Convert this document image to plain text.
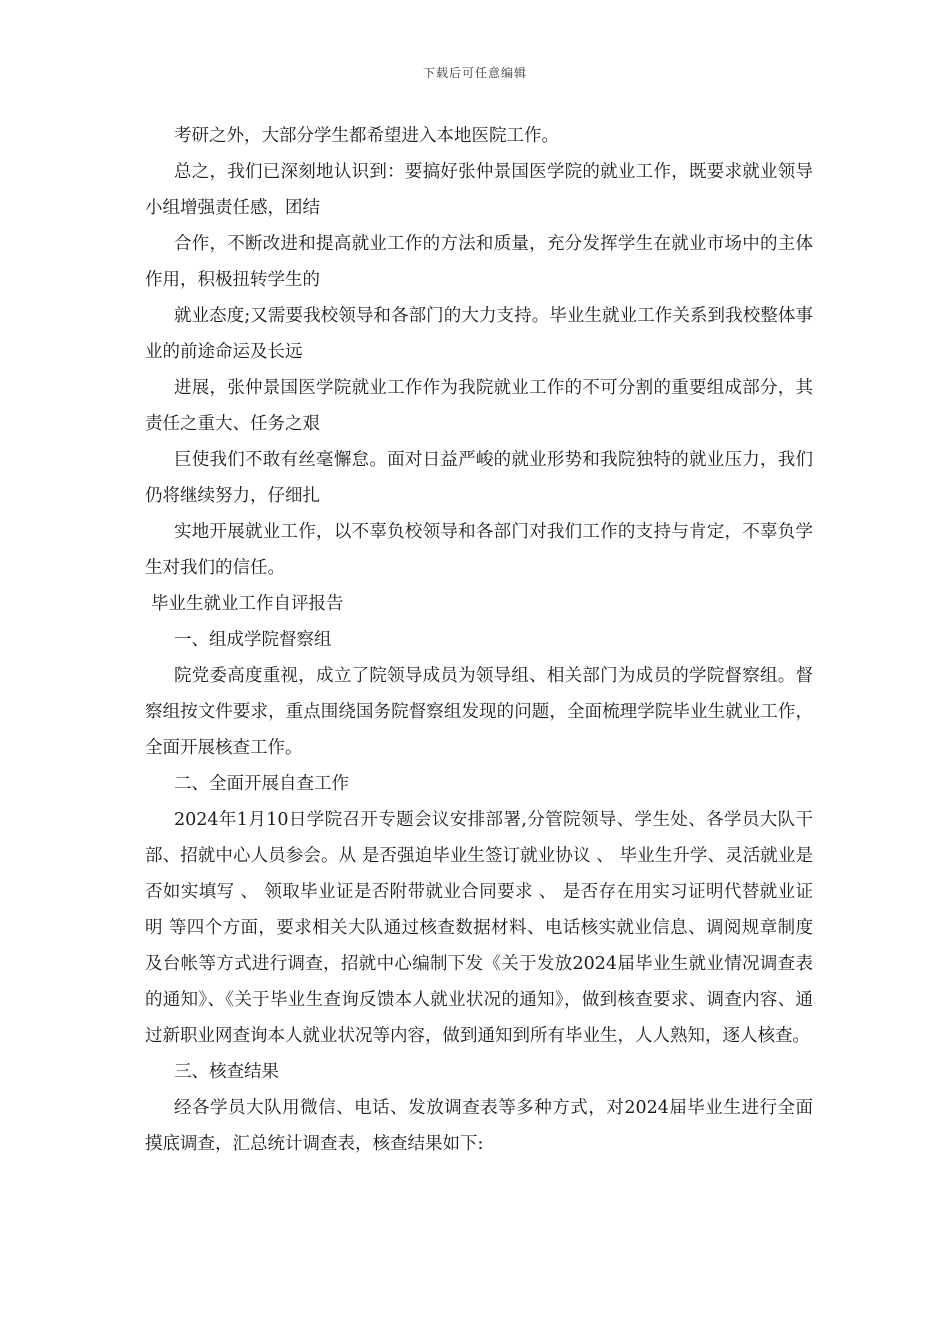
下载后可任意编辑

考研之外，大部分学生都希望进入本地医院工作。

总之，我们已深刻地认识到：要搞好张仲景国医学院的就业工作，既要求就业领导小组增强责任感，团结

合作，不断改进和提高就业工作的方法和质量，充分发挥学生在就业市场中的主体作用，积极扭转学生的

就业态度;又需要我校领导和各部门的大力支持。毕业生就业工作关系到我校整体事业的前途命运及长远

进展，张仲景国医学院就业工作作为我院就业工作的不可分割的重要组成部分，其责任之重大、任务之艰

巨使我们不敢有丝毫懈怠。面对日益严峻的就业形势和我院独特的就业压力，我们仍将继续努力，仔细扎

实地开展就业工作，以不辜负校领导和各部门对我们工作的支持与肯定，不辜负学生对我们的信任。

毕业生就业工作自评报告

一、组成学院督察组

院党委高度重视，成立了院领导成员为领导组、相关部门为成员的学院督察组。督察组按文件要求，重点围绕国务院督察组发现的问题，全面梳理学院毕业生就业工作，全面开展核查工作。

二、全面开展自查工作

2024年1月10日学院召开专题会议安排部署,分管院领导、学生处、各学员大队干部、招就中心人员参会。从 是否强迫毕业生签订就业协议 、 毕业生升学、灵活就业是否如实填写 、 领取毕业证是否附带就业合同要求 、 是否存在用实习证明代替就业证明 等四个方面，要求相关大队通过核查数据材料、电话核实就业信息、调阅规章制度及台帐等方式进行调查，招就中心编制下发《关于发放2024届毕业生就业情况调查表的通知》、《关于毕业生查询反馈本人就业状况的通知》，做到核查要求、调查内容、通过新职业网查询本人就业状况等内容，做到通知到所有毕业生，人人熟知，逐人核查。

三、核查结果

经各学员大队用微信、电话、发放调查表等多种方式，对2024届毕业生进行全面摸底调查，汇总统计调查表，核查结果如下:
